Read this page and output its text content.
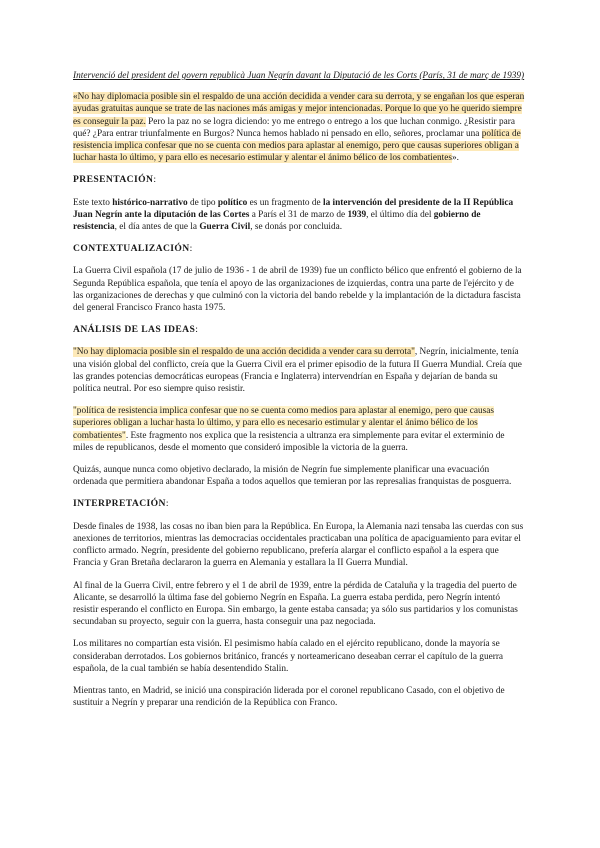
Intervenció del president del govern republicà Juan Negrín davant la Diputació de les Corts (París, 31 de març de 1939)

«No hay diplomacia posible sin el respaldo de una acción decidida a vender cara su derrota, y se engañan los que esperan ayudas gratuitas aunque se trate de las naciones más amigas y mejor intencionadas. Porque lo que yo he querido siempre es conseguir la paz. Pero la paz no se logra diciendo: yo me entrego o entrego a los que luchan conmigo. ¿Resistir para qué? ¿Para entrar triunfalmente en Burgos? Nunca hemos hablado ni pensado en ello, señores, proclamar una política de resistencia implica confesar que no se cuenta con medios para aplastar al enemigo, pero que causas superiores obligan a luchar hasta lo último, y para ello es necesario estimular y alentar el ánimo bélico de los combatientes».

PRESENTACIÓN:

Este texto histórico-narrativo de tipo político es un fragmento de la intervención del presidente de la II República Juan Negrín ante la diputación de las Cortes a París el 31 de marzo de 1939, el último día del gobierno de resistencia, el día antes de que la Guerra Civil, se donás por concluida.

CONTEXTUALIZACIÓN:

La Guerra Civil española (17 de julio de 1936 - 1 de abril de 1939) fue un conflicto bélico que enfrentó el gobierno de la Segunda República española, que tenía el apoyo de las organizaciones de izquierdas, contra una parte de l'ejército y de las organizaciones de derechas y que culminó con la victoria del bando rebelde y la implantación de la dictadura fascista del general Francisco Franco hasta 1975.

ANÁLISIS DE LAS IDEAS:

"No hay diplomacia posible sin el respaldo de una acción decidida a vender cara su derrota", Negrín, inicialmente, tenía una visión global del conflicto, creía que la Guerra Civil era el primer episodio de la futura II Guerra Mundial. Creía que las grandes potencias democráticas europeas (Francia e Inglaterra) intervendrían en España y dejarían de banda su política neutral. Por eso siempre quiso resistir.

"política de resistencia implica confesar que no se cuenta como medios para aplastar al enemigo, pero que causas superiores obligan a luchar hasta lo último, y para ello es necesario estimular y alentar el ánimo bélico de los combatientes". Este fragmento nos explica que la resistencia a ultranza era simplemente para evitar el exterminio de miles de republicanos, desde el momento que consideró imposible la victoria de la guerra.

Quizás, aunque nunca como objetivo declarado, la misión de Negrín fue simplemente planificar una evacuación ordenada que permitiera abandonar España a todos aquellos que temieran por las represalias franquistas de posguerra.

INTERPRETACIÓN:

Desde finales de 1938, las cosas no iban bien para la República. En Europa, la Alemania nazi tensaba las cuerdas con sus anexiones de territorios, mientras las democracias occidentales practicaban una política de apaciguamiento para evitar el conflicto armado. Negrín, presidente del gobierno republicano, prefería alargar el conflicto español a la espera que Francia y Gran Bretaña declararon la guerra en Alemania y estallara la II Guerra Mundial.

Al final de la Guerra Civil, entre febrero y el 1 de abril de 1939, entre la pérdida de Cataluña y la tragedia del puerto de Alicante, se desarrolló la última fase del gobierno Negrín en España. La guerra estaba perdida, pero Negrín intentó resistir esperando el conflicto en Europa. Sin embargo, la gente estaba cansada; ya sólo sus partidarios y los comunistas secundaban su proyecto, seguir con la guerra, hasta conseguir una paz negociada.

Los militares no compartían esta visión. El pesimismo había calado en el ejército republicano, donde la mayoría se consideraban derrotados. Los gobiernos británico, francés y norteamericano deseaban cerrar el capítulo de la guerra española, de la cual también se había desentendido Stalin.

Mientras tanto, en Madrid, se inició una conspiración liderada por el coronel republicano Casado, con el objetivo de sustituir a Negrín y preparar una rendición de la República con Franco.
